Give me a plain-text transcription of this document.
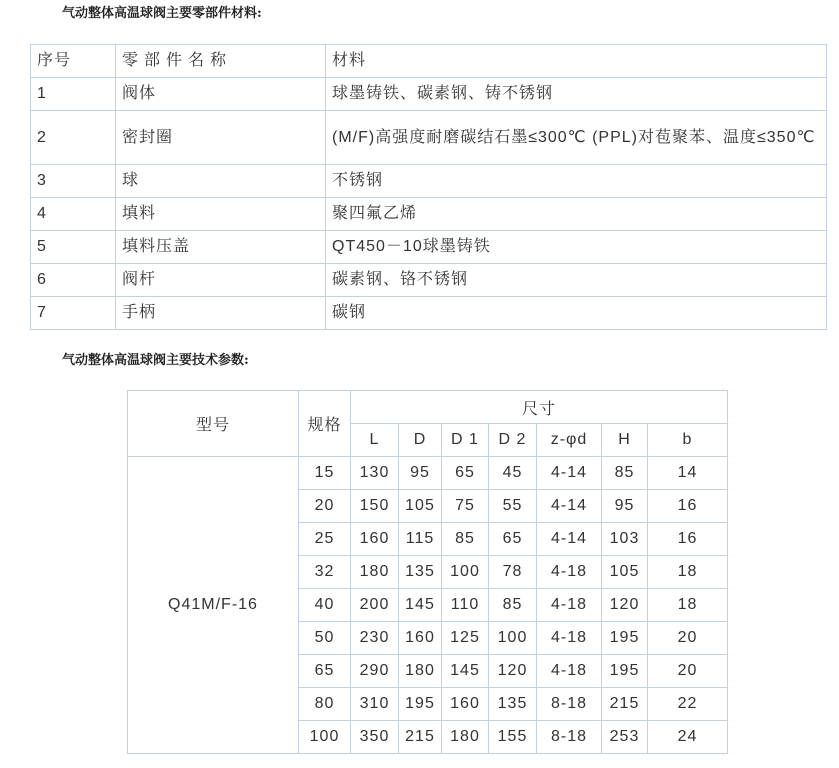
气动整体高温球阀主要零部件材料:
序号	零部件名称	材料
1	阀体	球墨铸铁、碳素钢、铸不锈钢
2	密封圈	(M/F)高强度耐磨碳结石墨≤300℃ (PPL)对苞聚苯、温度≤350℃
3	球	不锈钢
4	填料	聚四氟乙烯
5	填料压盖	QT450－10球墨铸铁
6	阀杆	碳素钢、铬不锈钢
7	手柄	碳钢
气动整体高温球阀主要技术参数:
型号	规格	尺寸						
		L	D	D 1	D 2	z-φd	H	b
Q41M/F-16	15	130	95	65	45	4-14	85	14
	20	150	105	75	55	4-14	95	16
	25	160	115	85	65	4-14	103	16
	32	180	135	100	78	4-18	105	18
	40	200	145	110	85	4-18	120	18
	50	230	160	125	100	4-18	195	20
	65	290	180	145	120	4-18	195	20
	80	310	195	160	135	8-18	215	22
	100	350	215	180	155	8-18	253	24
